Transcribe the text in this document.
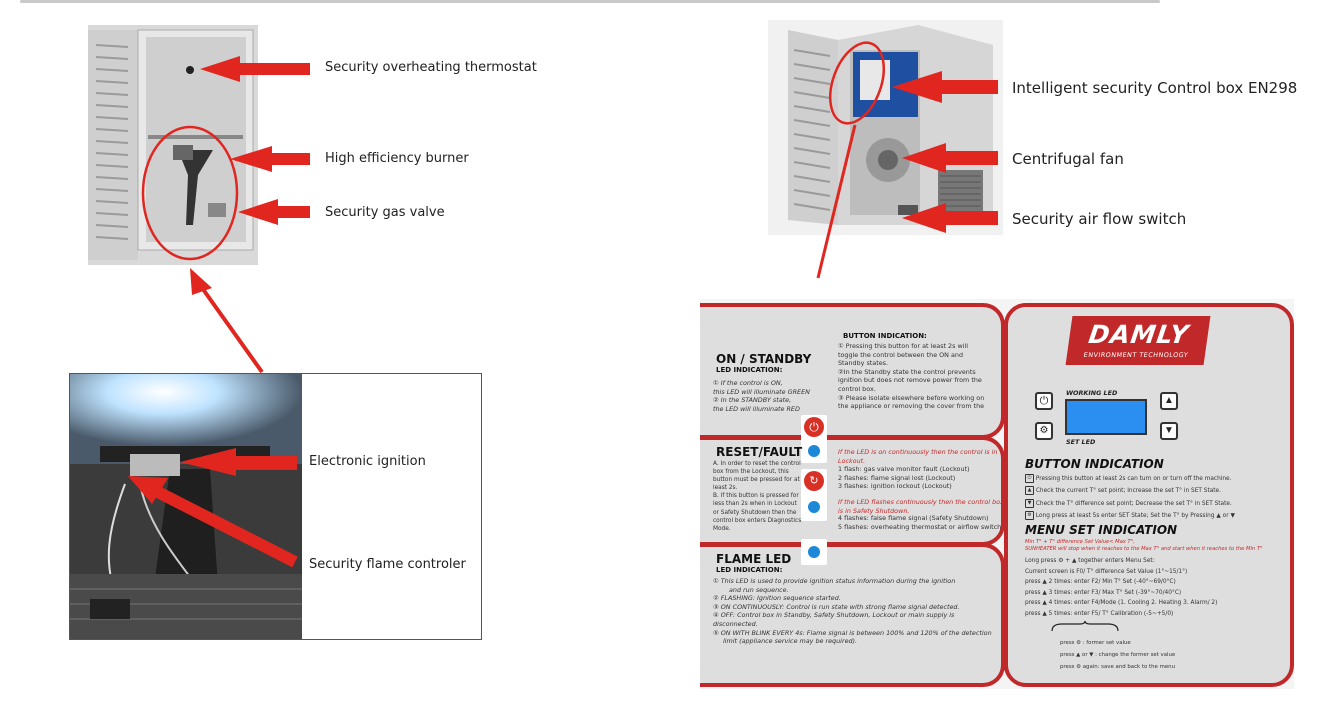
Security overheating thermostat
High efficiency burner
Security gas valve
Intelligent security Control box EN298
Centrifugal fan
Security air flow switch
Electronic ignition
Security flame controler
ON / STANDBY
LED INDICATION:
① If the control is ON,
this LED will illuminate GREEN
② In the STANDBY state,
the LED will illuminate RED
BUTTON INDICATION:
① Pressing this button for at least 2s will
toggle the control between the ON and
Standby states.
②In the Standby state the control prevents
ignition but does not remove power from the
control box.
③ Please isolate elsewhere before working on
the appliance or removing the cover from the
⏻
↻
RESET/FAULT
A. In order to reset the control
box from the Lockout, this
button must be pressed for at
least 2s.
B. If this button is pressed for
less than 2s when in Lockout
or Safety Shutdown then the
control box enters Diagnostics
Mode.
If the LED is on continuously then the control is in
Lockout.
1 flash: gas valve monitor fault (Lockout)
2 flashes: flame signal lost (Lockout)
3 flashes: ignition lockout (Lockout)
If the LED flashes continuously then the control box
is in Safety Shutdown.
4 flashes: false flame signal (Safety Shutdown)
5 flashes: overheating thermostat or airflow switch
FLAME LED
LED INDICATION:
① This LED is used to provide ignition status information during the ignition
and run sequence.
② FLASHING: Ignition sequence started.
③ ON CONTINUOUSLY: Control is run state with strong flame signal detected.
④ OFF: Control box in Standby, Safety Shutdown, Lockout or main supply is disconnected.
⑤ ON WITH BLINK EVERY 4s: Flame signal is between 100% and 120% of the detection
limit (appliance service may be required).
DAMLY
ENVIRONMENT TECHNOLOGY
⏻
⚙
WORKING LED
SET LED
▲
▼
BUTTON INDICATION
⏻ Pressing this button at least 2s can turn on or turn off the machine.
▲ Check the current T° set point; Increase the set T° in SET State.
▼ Check the T° difference set point; Decrease the set T° in SET State.
⚙ Long press at least 5s enter SET State; Set the T° by Pressing ▲ or ▼
MENU SET INDICATION
Min T° + T° difference Set Value< Max T°,
SUNHEATER will stop when it reaches to the Max T° and start when it reaches to the Min T°
Long press ⚙ + ▲ together enters Menu Set:
Current screen is F0/ T° difference Set Value (1°~15/1°)
press ▲ 2 times: enter F2/ Min T° Set (-40°~69/0°C)
press ▲ 3 times: enter F3/ Max T° Set (-39°~70/40°C)
press ▲ 4 times: enter F4/Mode (1. Cooling 2. Heating 3. Alarm/ 2)
press ▲ 5 times: enter F5/ T° Calibration (-5~+5/0)
press ⚙ : former set value
press ▲ or ▼ : change the former set value
press ⚙ again: save and back to the menu
